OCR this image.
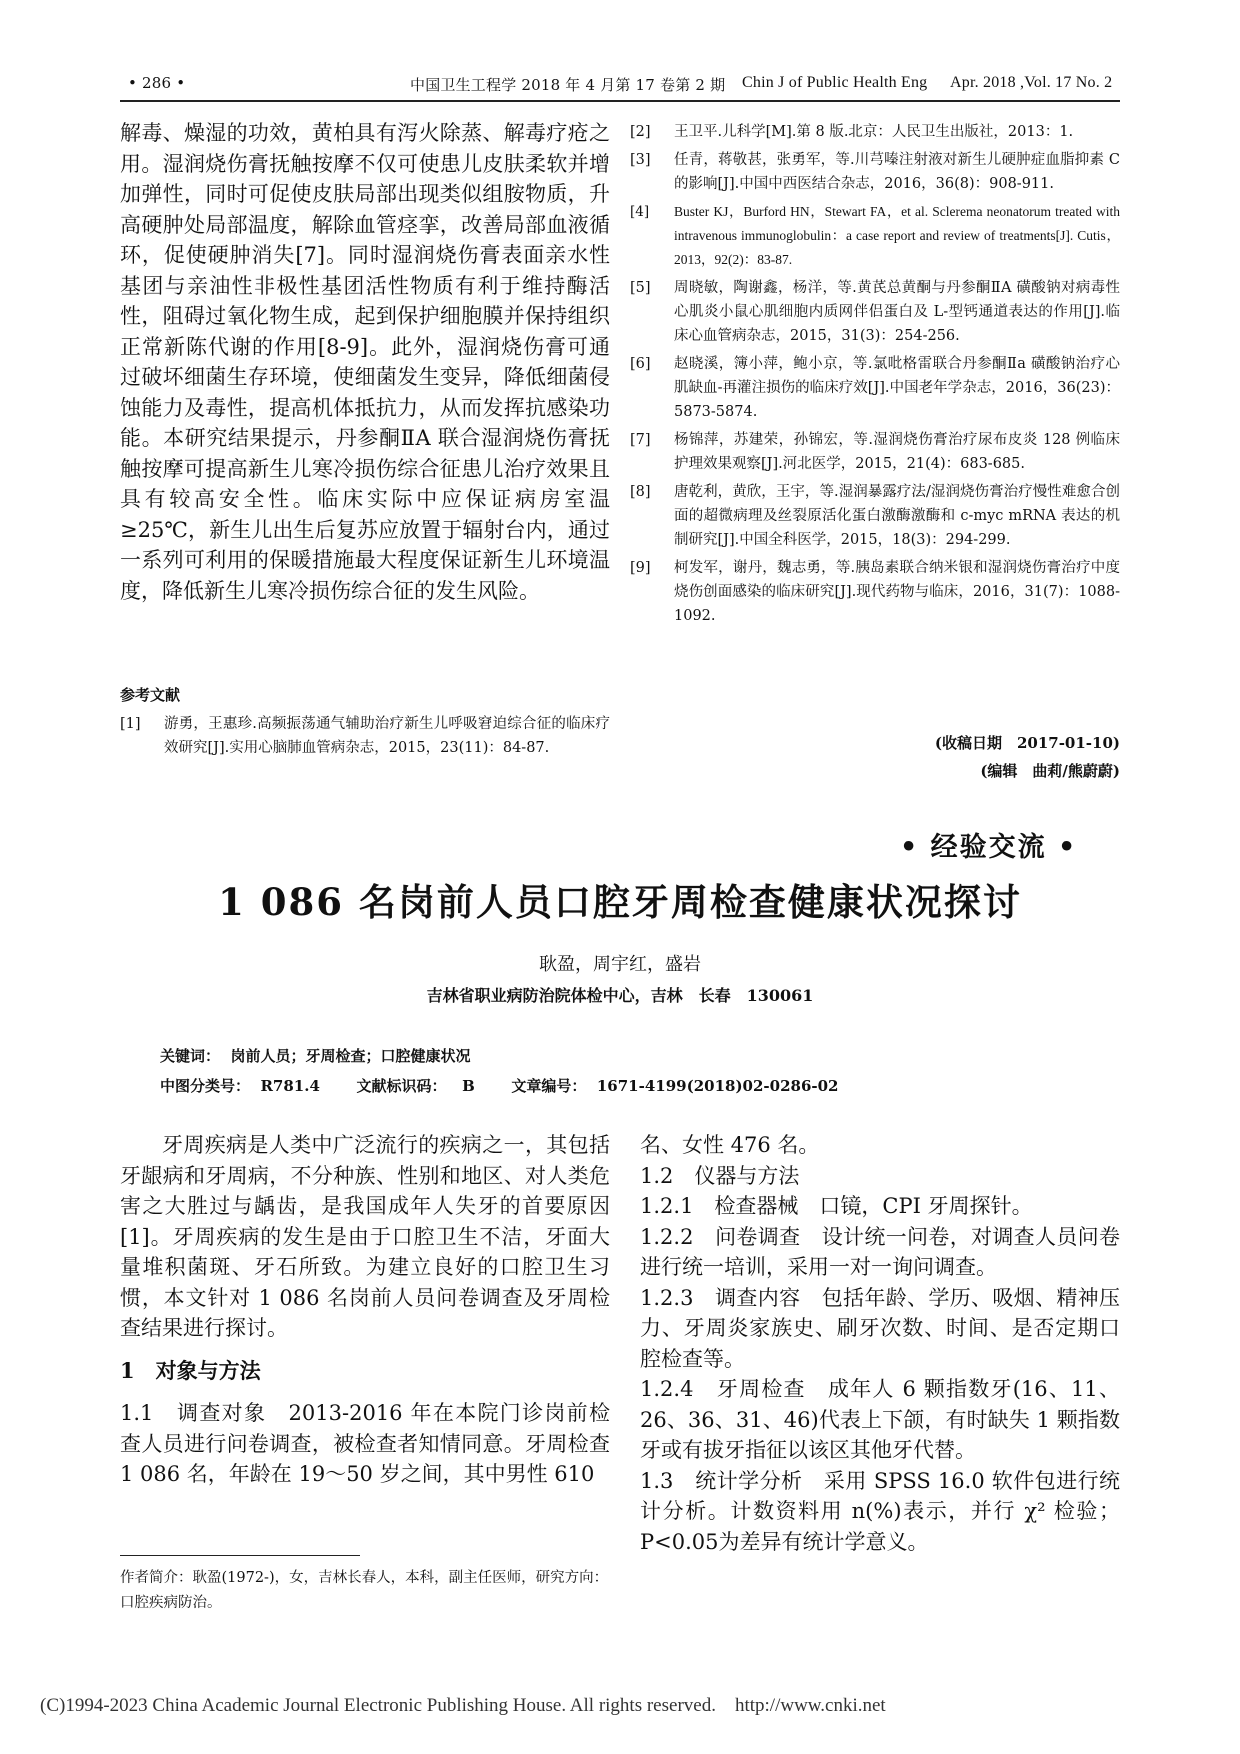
• 286 •	中国卫生工程学 2018 年 4 月第 17 卷第 2 期 Chin J of Public Health Eng Apr. 2018 ,Vol. 17 No. 2

解毒、燥湿的功效，黄柏具有泻火除蒸、解毒疗疮之用。湿润烧伤膏抚触按摩不仅可使患儿皮肤柔软并增加弹性，同时可促使皮肤局部出现类似组胺物质，升高硬肿处局部温度，解除血管痉挛，改善局部血液循环，促使硬肿消失[7]。同时湿润烧伤膏表面亲水性基团与亲油性非极性基团活性物质有利于维持酶活性，阻碍过氧化物生成，起到保护细胞膜并保持组织正常新陈代谢的作用[8-9]。此外，湿润烧伤膏可通过破坏细菌生存环境，使细菌发生变异，降低细菌侵蚀能力及毒性，提高机体抵抗力，从而发挥抗感染功能。本研究结果提示，丹参酮ⅡA 联合湿润烧伤膏抚触按摩可提高新生儿寒冷损伤综合征患儿治疗效果且具有较高安全性。临床实际中应保证病房室温≥25℃，新生儿出生后复苏应放置于辐射台内，通过一系列可利用的保暖措施最大程度保证新生儿环境温度，降低新生儿寒冷损伤综合征的发生风险。

参考文献
[1]	游勇，王惠珍.高频振荡通气辅助治疗新生儿呼吸窘迫综合征的临床疗效研究[J].实用心脑肺血管病杂志，2015，23(11)：84-87.
[2]	王卫平.儿科学[M].第 8 版.北京：人民卫生出版社，2013：1.
[3]	任青，蒋敬甚，张勇军，等.川芎嗪注射液对新生儿硬肿症血脂抑素 C 的影响[J].中国中西医结合杂志，2016，36(8)：908-911.
[4]	Buster KJ，Burford HN，Stewart FA，et al. Sclerema neonatorum treated with intravenous immunoglobulin：a case report and review of treatments[J]. Cutis，2013，92(2)：83-87.
[5]	周晓敏，陶谢鑫，杨洋，等.黄芪总黄酮与丹参酮ⅡA 磺酸钠对病毒性心肌炎小鼠心肌细胞内质网伴侣蛋白及 L-型钙通道表达的作用[J].临床心血管病杂志，2015，31(3)：254-256.
[6]	赵晓溪，簿小萍，鲍小京，等.氯吡格雷联合丹参酮Ⅱa 磺酸钠治疗心肌缺血-再灌注损伤的临床疗效[J].中国老年学杂志，2016，36(23)：5873-5874.
[7]	杨锦萍，苏建荣，孙锦宏，等.湿润烧伤膏治疗尿布皮炎 128 例临床护理效果观察[J].河北医学，2015，21(4)：683-685.
[8]	唐乾利，黄欣，王宇，等.湿润暴露疗法/湿润烧伤膏治疗慢性难愈合创面的超微病理及丝裂原活化蛋白激酶激酶和 c-myc mRNA 表达的机制研究[J].中国全科医学，2015，18(3)：294-299.
[9]	柯发军，谢丹，魏志勇，等.胰岛素联合纳米银和湿润烧伤膏治疗中度烧伤创面感染的临床研究[J].现代药物与临床，2016，31(7)：1088-1092.
(收稿日期　2017-01-10)
(编辑　曲莉/熊蔚蔚)
• 经验交流 •
1 086 名岗前人员口腔牙周检查健康状况探讨
耿盈，周宇红，盛岩
吉林省职业病防治院体检中心，吉林　长春　130061
关键词： 岗前人员；牙周检查；口腔健康状况
中图分类号： R781.4 文献标识码： B 文章编号： 1671-4199(2018)02-0286-02

牙周疾病是人类中广泛流行的疾病之一，其包括牙龈病和牙周病，不分种族、性别和地区、对人类危害之大胜过与龋齿，是我国成年人失牙的首要原因[1]。牙周疾病的发生是由于口腔卫生不洁，牙面大量堆积菌斑、牙石所致。为建立良好的口腔卫生习惯，本文针对 1 086 名岗前人员问卷调查及牙周检查结果进行探讨。

1　对象与方法

1.1　调查对象　2013-2016 年在本院门诊岗前检查人员进行问卷调查，被检查者知情同意。牙周检查 1 086 名，年龄在 19～50 岁之间，其中男性 610

作者简介：耿盈(1972-)，女，吉林长春人，本科，副主任医师，研究方向：口腔疾病防治。

名、女性 476 名。

1.2　仪器与方法

1.2.1　检查器械　口镜，CPI 牙周探针。

1.2.2　问卷调查　设计统一问卷，对调查人员问卷进行统一培训，采用一对一询问调查。

1.2.3　调查内容　包括年龄、学历、吸烟、精神压力、牙周炎家族史、刷牙次数、时间、是否定期口腔检查等。

1.2.4　牙周检查　成年人 6 颗指数牙(16、11、26、36、31、46)代表上下颌，有时缺失 1 颗指数牙或有拔牙指征以该区其他牙代替。

1.3　统计学分析　采用 SPSS 16.0 软件包进行统计分析。计数资料用 n(%)表示，并行 χ² 检验；P<0.05为差异有统计学意义。

(C)1994-2023 China Academic Journal Electronic Publishing House. All rights reserved.　http://www.cnki.net
